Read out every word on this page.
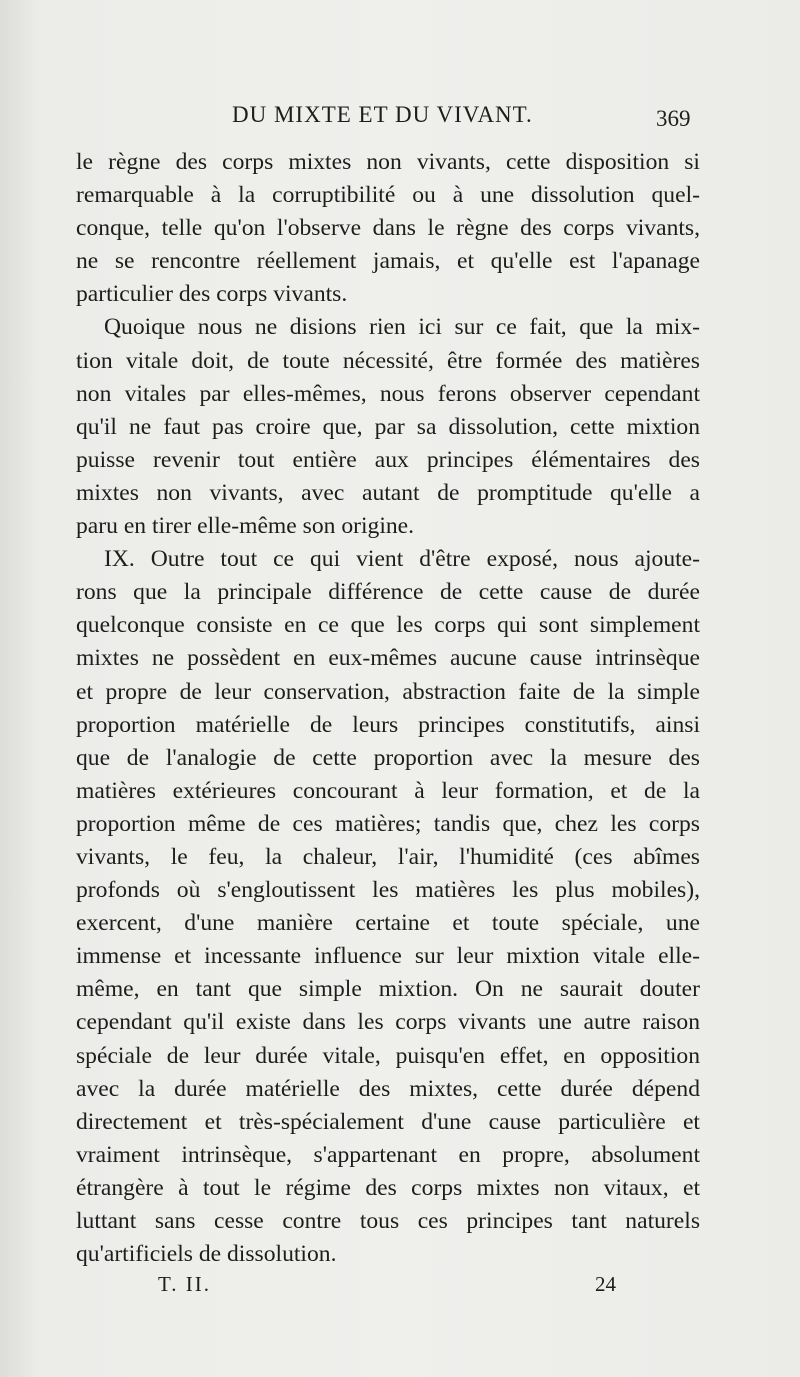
DU MIXTE ET DU VIVANT.	369
le règne des corps mixtes non vivants, cette disposition si
remarquable à la corruptibilité ou à une dissolution quel-
conque, telle qu'on l'observe dans le règne des corps vivants,
ne se rencontre réellement jamais, et qu'elle est l'apanage
particulier des corps vivants.
Quoique nous ne disions rien ici sur ce fait, que la mix-
tion vitale doit, de toute nécessité, être formée des matières
non vitales par elles-mêmes, nous ferons observer cependant
qu'il ne faut pas croire que, par sa dissolution, cette mixtion
puisse revenir tout entière aux principes élémentaires des
mixtes non vivants, avec autant de promptitude qu'elle a
paru en tirer elle-même son origine.
IX. Outre tout ce qui vient d'être exposé, nous ajoute-
rons que la principale différence de cette cause de durée
quelconque consiste en ce que les corps qui sont simplement
mixtes ne possèdent en eux-mêmes aucune cause intrinsèque
et propre de leur conservation, abstraction faite de la simple
proportion matérielle de leurs principes constitutifs, ainsi
que de l'analogie de cette proportion avec la mesure des
matières extérieures concourant à leur formation, et de la
proportion même de ces matières; tandis que, chez les corps
vivants, le feu, la chaleur, l'air, l'humidité (ces abîmes
profonds où s'engloutissent les matières les plus mobiles),
exercent, d'une manière certaine et toute spéciale, une
immense et incessante influence sur leur mixtion vitale elle-
même, en tant que simple mixtion. On ne saurait douter
cependant qu'il existe dans les corps vivants une autre raison
spéciale de leur durée vitale, puisqu'en effet, en opposition
avec la durée matérielle des mixtes, cette durée dépend
directement et très-spécialement d'une cause particulière et
vraiment intrinsèque, s'appartenant en propre, absolument
étrangère à tout le régime des corps mixtes non vitaux, et
luttant sans cesse contre tous ces principes tant naturels
qu'artificiels de dissolution.
T. II.	24
